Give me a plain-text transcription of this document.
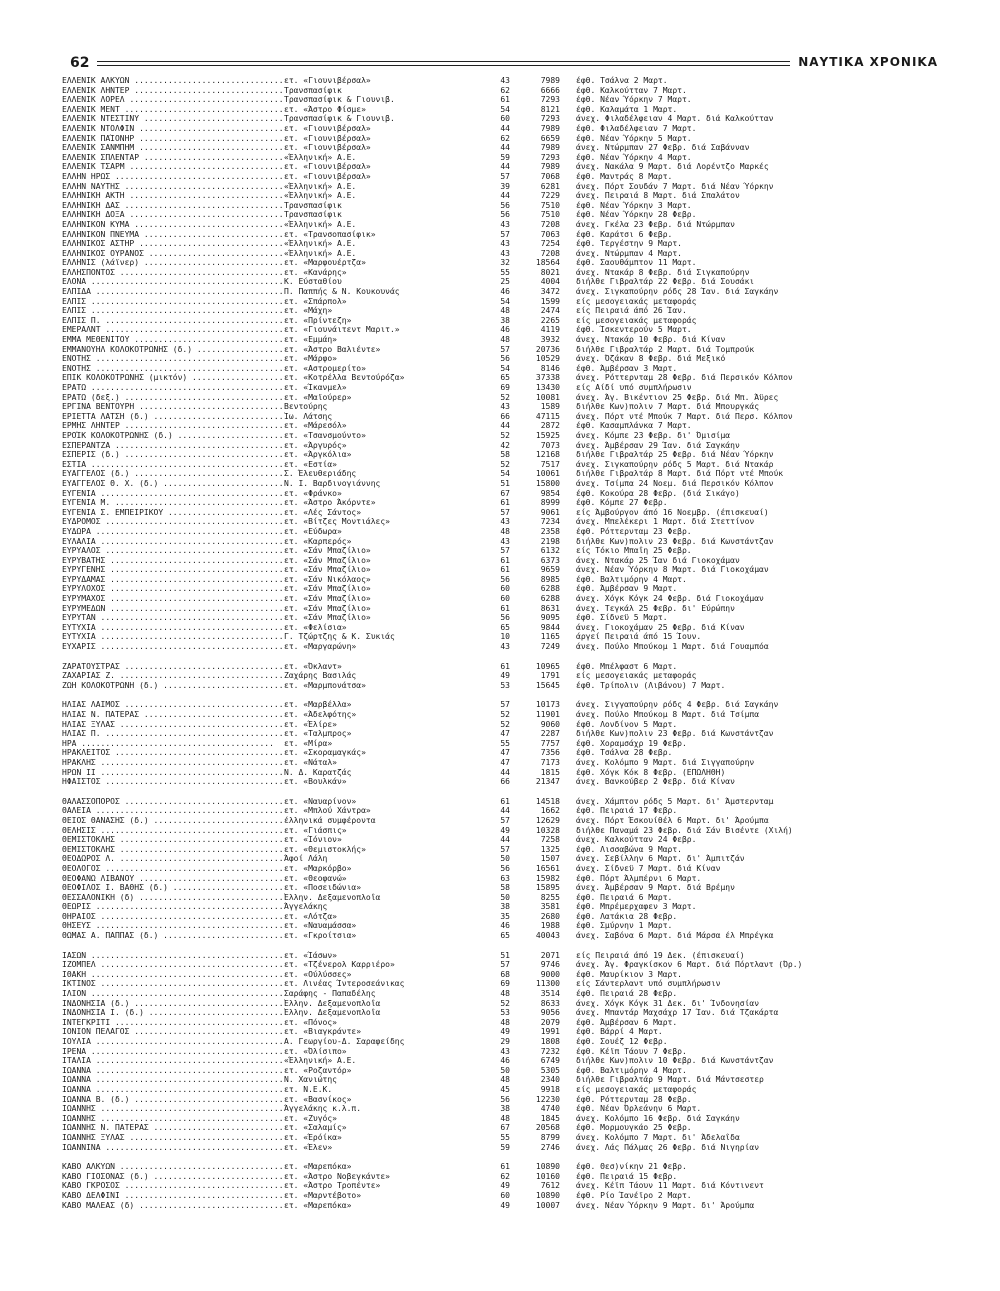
62	ΝΑΥΤΙΚΑ ΧΡΟΝΙΚΑ
ΕΛΛΕΝΙΚ ΑΛΚΥΩΝ .....	ετ. «Γιουνιβέρσαλ»	43	7989 έφθ. Τσάλνα 2 Μαρτ.
ΕΛΛΕΝΙΚ ΛΗΝΤΕΡ .....	Τρανσπασίφικ	62	6666 έφθ. Καλκούτταν 7 Μαρτ.
ΕΛΛΕΝΙΚ ΛΟΡΕΛ .....	Τρανσπασίφικ & Γιουνιβ.	61	7293 έφθ. Νέαν Ύόρκην 7 Μαρτ.
ΕΛΛΕΝΙΚ ΜΕΝΤ .....	ετ. «Άστρο Φίσμε»	54	8121 έφθ. Καλαμάτα 1 Μαρτ.
ΕΛΛΕΝΙΚ ΝΤΕΣΤΙΝΥ .....	Τρανσπασίφικ & Γιουνιβ.	60	7293 άνεχ. Φιλαδέλφειαν 4 Μαρτ. διά Καλκούτταν
ΕΛΛΕΝΙΚ ΝΤΟΛΦΙΝ .....	ετ. «Γιουνιβέρσαλ»	44	7989 έφθ. Φιλαδέλφειαν 7 Μαρτ.
ΕΛΛΕΝΙΚ ΠΑΊΟΝΗΡ .....	ετ. «Γιουνιβέρσαλ»	62	6659 έφθ. Νέαν Ύόρκην 5 Μαρτ.
ΕΛΛΕΝΙΚ ΣΑΝΜΠΗΜ .....	ετ. «Γιουνιβέρσαλ»	44	7989 άνεχ. Ντώρμπαν 27 Φεβρ. διά Σαβάνναν
ΕΛΛΕΝΙΚ ΣΠΛΕΝΤΑΡ .....	«Έλληνική» Α.Ε.	59	7293 έφθ. Νέαν Ύόρκην 4 Μαρτ.
ΕΛΛΕΝΙΚ ΤΣΑΡΜ .....	ετ. «Γιουνιβέρσαλ»	44	7989 άνεχ. Νακάλα 9 Μαρτ. διά Λορέντζο Μαρκές
ΕΛΛΗΝ ΗΡΩΣ .....	ετ. «Γιουνιβέρσαλ»	57	7068 έφθ. Μαντράς 8 Μαρτ.
ΕΛΛΗΝ ΝΑΥΤΗΣ .....	«Έλληνική» Α.Ε.	39	6281 άνεχ. Πόρτ Σουδάν 7 Μαρτ. διά Νέαν Ύόρκην
ΕΛΛΗΝΙΚΗ ΑΚΤΗ .....	«Έλληνική» Α.Ε.	44	7229 άνεχ. Πειραιά 8 Μαρτ. διά Σπαλάτον
ΕΛΛΗΝΙΚΗ ΔΑΣ .....	Τρανσπασίφικ	56	7510 έφθ. Νέαν Ύόρκην 3 Μαρτ.
ΕΛΛΗΝΙΚΗ ΔΟΞΑ .....	Τρανσπασίφικ	56	7510 έφθ. Νέαν Ύόρκην 28 Φεβρ.
ΕΛΛΗΝΙΚΟΝ ΚΥΜΑ .....	«Έλληνική» Α.Ε.	43	7208 άνεχ. Γκέλα 23 Φεβρ. διά Ντώρμπαν
ΕΛΛΗΝΙΚΟΝ ΠΝΕΥΜΑ .....	ετ. «Τρανσοπασίφικ»	57	7063 έφθ. Καράτσι 6 Φεβρ.
ΕΛΛΗΝΙΚΟΣ ΑΣΤΗΡ .....	«Έλληνική» Α.Ε.	43	7254 έφθ. Τεργέστην 9 Μαρτ.
ΕΛΛΗΝΙΚΟΣ ΟΥΡΑΝΟΣ .....	«Έλληνική» Α.Ε.	43	7208 άνεχ. Ντώρμπαν 4 Μαρτ.
ΕΛΛΗΝΙΣ (λάϊνερ) .....	ετ. «Μαρφουέρτζα»	32	18564 έφθ. Σαουθάμπτον 11 Μαρτ.
ΕΛΛΗΣΠΟΝΤΟΣ .....	ετ. «Κανάρης»	55	8021 άνεχ. Ντακάρ 8 Φεβρ. διά Σιγκαπούρην
ΕΛΟΝΑ .....	Κ. Εύσταθίου	25	4004 διήλθε Γιβραλτάρ 22 Φεβρ. διά Σουσάκι
ΕΛΠΙΔΑ .....	Π. Παππής & Ν. Κουκουνάς	46	3472 άνεχ. Σιγκαπούρην ρόδς 28 Ίαν. διά Σαγκάην
ΕΛΠΙΣ .....	ετ. «Σπάρπολ»	54	1599 είς μεσογειακάς μεταφοράς
ΕΛΠΙΣ .....	ετ. «Μάχη»	48	2474 είς Πειραιά άπό 26 Ίαν.
ΕΛΠΙΣ Π. .....	ετ. «Πρίντεζη»	38	2265 είς μεσογειακάς μεταφοράς
ΕΜΕΡΑΛΝΤ .....	ετ. «Γιουνάιτεντ Μαριτ.»	46	4119 έφθ. Ίσκεντερούν 5 Μαρτ.
ΕΜΜΑ ΜΕΘΕΝΙΤΟΥ .....	ετ. «Εμμάη»	48	3932 άνεχ. Ντακάρ 10 Φεβρ. διά Κίναν
ΕΜΜΑΝΟΥΗΛ ΚΟΛΟΚΟΤΡΩΝΗΣ (δ.) .....	ετ. «Άστρο Βαλιέντε»	57	20736 διήλθε Γιβραλτάρ 2 Μαρτ. διά Τομπρούκ
ΕΝΟΤΗΣ .....	ετ. «Μάρφο»	56	10529 άνεχ. Όζάκαν 8 Φεβρ. διά Μεξικό
ΕΝΟΤΗΣ .....	ετ. «Αστρομερίτο»	54	8146 έφθ. Άμβέρσαν 3 Μαρτ.
ΕΠΙΚ ΚΟΛΟΚΟΤΡΩΝΗΣ (μικτόν) .....	ετ. «Κοτρέλλα Βεντούρόζα»	65	37338 άνεχ. Ρόττερνταμ 28 Φεβρ. διά Περσικόν Κόλπον
ΕΡΑΤΩ .....	ετ. «Ίκανμελ»	69	13430 είς Αίδί υπό συμπλήρωσιν
ΕΡΑΤΩ (δεξ.) .....	ετ. «Μαϊούρερ»	52	10081 άνεχ. Άγ. Βικέντιον 25 Φεβρ. διά Μπ. Άϋρες
ΕΡΓΙΝΑ ΒΕΝΤΟΥΡΗ .....	Βεντούρης	43	1589 διήλθε Κων)πολιν 7 Μαρτ. διά Μπουργκάς
ΕΡΙΕΤΤΑ ΛΑΤΣΗ (δ.) .....	Ίω. Λάτσης	66	47115 άνεχ. Πόρτ ντέ Μπούκ 7 Μαρτ. διά Περσ. Κόλπον
ΕΡΜΗΣ ΛΗΝΤΕΡ .....	ετ. «Μάρεσόλ»	44	2872 έφθ. Κασαμπλάνκα 7 Μαρτ.
ΕΡΟΊΚ ΚΟΛΟΚΟΤΡΩΝΗΣ (δ.) .....	ετ. «Τσανσμούντο»	52	15925 άνεχ. Κόμπε 23 Φεβρ. δι' Όμισίμα
ΕΣΠΕΡΑΝΤΖΑ .....	ετ. «Άργυρός»	42	7073 άνεχ. Άμβέρσαν 29 Ίαν. διά Σαγκάην
ΕΣΠΕΡΙΣ (δ.) .....	ετ. «Άργκόλια»	58	12168 διήλθε Γιβραλτάρ 25 Φεβρ. διά Νέαν Ύόρκην
ΕΣΤΙΑ .....	ετ. «Εστία»	52	7517 άνεχ. Σιγκαπούρην ρόδς 5 Μαρτ. διά Ντακάρ
ΕΥΑΓΓΕΛΟΣ (δ.) .....	Σ. Έλευθεριάδης	54	10061 διήλθε Γιβραλτάρ 8 Μαρτ. διά Πόρτ ντέ Μπούκ
ΕΥΑΓΓΕΛΟΣ Θ. Χ. (δ.) .....	Ν. Ι. Βαρδινογιάννης	51	15800 άνεχ. Τσίμπα 24 Νοεμ. διά Περσικόν Κόλπον
ΕΥΓΕΝΙΑ .....	ετ. «Φράνκο»	67	9854 έφθ. Κοκούρα 28 Φεβρ. (διά Σικάγο)
ΕΥΓΕΝΙΑ Μ. .....	ετ. «Άστρο Άκόρντε»	61	8999 έφθ. Κόμπε 27 Φεβρ.
ΕΥΓΕΝΙΑ Σ. ΕΜΠΕΙΡΙΚΟΥ .....	ετ. «Λές Σάντος»	57	9061 είς Άμβούργον άπό 16 Νοεμβρ. (έπισκευαί)
ΕΥΔΡΟΜΟΣ .....	ετ. «Βίτζες Μοντιάλες»	43	7234 άνεχ. Μπελέκερι 1 Μαρτ. διά Στεττίνον
ΕΥΔΩΡΑ .....	ετ. «Εύδωρα»	48	2358 έφθ. Ρόττερνταμ 23 Φεβρ.
ΕΥΛΑΛΙΑ .....	ετ. «Καρπερός»	43	2198 διήλθε Κων)πολιν 23 Φεβρ. διά Κωνστάντζαν
ΕΥΡΥΑΛΟΣ .....	ετ. «Σάν Μπαζίλιο»	57	6132 είς Τόκιο Μπαΐη 25 Φεβρ.
ΕΥΡΥΒΑΤΗΣ .....	ετ. «Σάν Μπαζίλιο»	61	6373 άνεχ. Ντακάρ 25 Ίαν διά Γιοκοχάμαν
ΕΥΡΥΓΕΝΗΣ .....	ετ. «Σάν Μπαζίλιο»	61	9659 άνεχ. Νέαν Ύόρκην 8 Μαρτ. διά Γιοκοχάμαν
ΕΥΡΥΔΑΜΑΣ .....	ετ. «Σάν Νικόλαος»	56	8985 έφθ. Βαλτιμόρην 4 Μαρτ.
ΕΥΡΥΛΟΧΟΣ .....	ετ. «Σάν Μπαζίλιο»	60	6288 έφθ. Άμβέρσαν 9 Μαρτ.
ΕΥΡΥΜΑΧΟΣ .....	ετ. «Σάν Μπαζίλιο»	60	6288 άνεχ. Χόγκ Κόγκ 24 Φεβρ. διά Γιοκοχάμαν
ΕΥΡΥΜΕΔΩΝ .....	ετ. «Σάν Μπαζίλιο»	61	8631 άνεχ. Τεγκάλ 25 Φεβρ. δι' Εύρώπην
ΕΥΡΥΤΑΝ .....	ετ. «Σάν Μπαζίλιο»	56	9095 έφθ. Σίδνεϋ 5 Μαρτ.
ΕΥΤΥΧΙΑ .....	ετ. «Φελίσια»	65	9844 άνεχ. Γιοκοχάμαν 25 Φεβρ. διά Κίναν
ΕΥΤΥΧΙΑ .....	Γ. Τζώρτζης & Κ. Συκιάς	10	1165 άργεί Πειραιά άπό 15 Ίουν.
ΕΥΧΑΡΙΣ .....	ετ. «Μαργαρώνη»	43	7249 άνεχ. Πούλο Μπούκομ 1 Μαρτ. διά Γουαμπόα
ΖΑΡΑΤΟΥΣΤΡΑΣ .....	ετ. «Όκλαντ»	61	10965 έφθ. Μπέλφαστ 6 Μαρτ.
ΖΑΧΑΡΙΑΣ Ζ. .....	Ζαχάρης Βασιλάς	49	1791 είς μεσογειακάς μεταφοράς
ΖΩΗ ΚΟΛΟΚΟΤΡΩΝΗ (δ.) .....	ετ. «Μαρμπονάτσα»	53	15645 έφθ. Τρίπολιν (Λιβάνου) 7 Μαρτ.
ΗΛΙΑΣ ΛΑΙΜΟΣ .....	ετ. «Μαρβέλλα»	57	10173 άνεχ. Σιγγαπούρην ρόδς 4 Φεβρ. διά Σαγκάην
ΗΛΙΑΣ Ν. ΠΑΤΕΡΑΣ .....	ετ. «Άδελφότης»	52	11901 άνεχ. Πούλο Μπούκομ 8 Μαρτ. διά Τσίμπα
ΗΛΙΑΣ ΞΥΛΑΣ .....	ετ. «Έλίρε»	52	9060 έφθ. Λονδίνον 5 Μαρτ.
ΗΛΙΑΣ Π. .....	ετ. «Ταλμπρος»	47	2287 διήλθε Κων)πολιν 23 Φεβρ. διά Κωνστάντζαν
ΗΡΑ .....	ετ. «Μίρα»	55	7757 έφθ. Χοραμσάχρ 19 Φεβρ.
ΗΡΑΚΛΕΙΤΟΣ .....	ετ. «Σκοραμαγκάς»	47	7356 έφθ. Τσάλνα 28 Φεβρ.
ΗΡΑΚΛΗΣ .....	ετ. «Νάταλ»	47	7173 άνεχ. Κολόμπο 9 Μαρτ. διά Σιγγαπούρην
ΗΡΩΝ ΙΙ .....	Ν. Δ. Καρατζάς	44	1815 έφθ. Χόγκ Κόκ 8 Φεβρ. (ΕΠΩΛΗΘΗ)
ΗΦΑΙΣΤΟΣ .....	ετ. «Βουλκάν»	66	21347 άνεχ. Βανκούβερ 2 Φεβρ. διά Κίναν
ΘΑΛΑΣΣΟΠΟΡΟΣ .....	ετ. «Ναυαρίνον»	61	14518 άνεχ. Χάμπτον ρόδς 5 Μαρτ. δι' Άμστερνταμ
ΘΑΛΕΙΑ .....	ετ. «Μπλού Χάντρα»	44	1662 έφθ. Πειραιά 17 Φεβρ.
ΘΕΙΟΣ ΘΑΝΑΣΗΣ (δ.) .....	έλληνικά συμφέροντα	57	12629 άνεχ. Πόρτ Έσκουίθέλ 6 Μαρτ. δι' Άρούμπα
ΘΕΛΗΣΙΣ .....	ετ. «Γιάσπις»	49	10328 διήλθε Παναμά 23 Φεβρ. διά Σάν Βισέντε (Χιλή)
ΘΕΜΙΣΤΟΚΛΗΣ .....	ετ. «Ίόνιον»	44	7258 άνεχ. Καλκούτταν 24 Φεβρ.
ΘΕΜΙΣΤΟΚΛΗΣ .....	ετ. «Θεμιστοκλής»	57	1325 έφθ. Λισσαβώνα 9 Μαρτ.
ΘΕΟΔΩΡΟΣ Λ. .....	Άφοί Λάλη	50	1507 άνεχ. Σεβίλλην 6 Μαρτ. δι' Άμπιτζάν
ΘΕΟΛΟΓΟΣ .....	ετ. «Μαρκόρβο»	56	16561 άνεχ. Σίδνεϋ 7 Μαρτ. διά Κίναν
ΘΕΟΦΑΝΩ ΛΙΒΑΝΟΥ .....	ετ. «Θεοφανώ»	63	15982 έφθ. Πόρτ Άλμπέρνι 6 Μαρτ.
ΘΕΟΦΙΛΟΣ Ι. ΒΑΘΗΣ (δ.) .....	ετ. «Ποσειδώνια»	58	15895 άνεχ. Άμβέρσαν 9 Μαρτ. διά Βρέμην
ΘΕΣΣΑΛΟΝΙΚΗ (δ) .....	Έλλην. Δεξαμενοπλοΐα	50	8255 έφθ. Πειραιά 6 Μαρτ.
ΘΕΩΡΙΣ .....	Άγγελάκης	38	3581 έφθ. Μπρέμερχαφεν 3 Μαρτ.
ΘΗΡΑΙΟΣ .....	ετ. «Λότζα»	35	2680 έφθ. Λατάκια 28 Φεβρ.
ΘΗΣΕΥΣ .....	ετ. «Ναυαμάσσα»	46	1988 έφθ. Σμύρνην 1 Μαρτ.
ΘΩΜΑΣ Α. ΠΑΠΠΑΣ (δ.) .....	ετ. «Γκροίτσια»	65	40043 άνεχ. Σαβόνα 6 Μαρτ. διά Μάρσα έλ Μπρέγκα
ΙΑΣΩΝ .....	ετ. «Ίάσων»	51	2071 είς Πειραιά άπό 19 Δεκ. (έπισκευαί)
ΙΖΟΜΠΕΛ .....	ετ. «Τζένερολ Καρριέρο»	57	9746 άνεχ. Άγ. Φραγκίσκον 6 Μαρτ. διά Πόρτλαντ (Όρ.)
ΙΘΑΚΗ .....	ετ. «Ούλύσσες»	68	9000 έφθ. Μαυρίκιον 3 Μαρτ.
ΙΚΤΙΝΟΣ .....	ετ. Λινέας Ίντεροσεάνικας	69	11300 είς Σάντερλαντ υπό συμπλήρωσιν
ΙΛΙΟΝ .....	Σαράφης - Παπαδέλης	48	3514 έφθ. Πειραιά 28 Φεβρ.
ΙΝΔΟΝΗΣΙΑ (δ.) .....	Έλλην. Δεξαμενοπλοΐα	52	8633 άνεχ. Χόγκ Κόγκ 31 Δεκ. δι' Ίνδονησίαν
ΙΝΔΟΝΗΣΙΑ Ι. (δ.) .....	Έλλην. Δεξαμενοπλοΐα	53	9056 άνεχ. Μπαντάρ Μαχσάχρ 17 Ίαν. διά Τζακάρτα
ΙΝΤΕΓΚΡΙΤΙ .....	ετ. «Πόνος»	48	2079 έφθ. Άμβέρσαν 6 Μαρτ.
ΙΟΝΙΟΝ ΠΕΛΑΓΟΣ .....	ετ. «Βιαγκράντε»	49	1991 έφθ. Βάρρί 4 Μαρτ.
ΙΟΥΛΙΑ .....	Α. Γεωργίου-Δ. Σαραφείδης	29	1808 έφθ. Σουέζ 12 Φεβρ.
ΙΡΕΝΑ .....	ετ. «Όλίσιπο»	43	7232 έφθ. Κέϊπ Τάουν 7 Φεβρ.
ΙΤΑΛΙΑ .....	«Έλληνική» Α.Ε.	46	6749 διήλθε Κων)πολιν 10 Φεβρ. διά Κωνστάντζαν
ΙΩΑΝΝΑ .....	ετ. «Ροζαντόρ»	50	5305 έφθ. Βαλτιμόρην 4 Μαρτ.
ΙΩΑΝΝΑ .....	Ν. Χανιώτης	48	2340 διήλθε Γιβραλτάρ 9 Μαρτ. διά Μάντσεστερ
ΙΩΑΝΝΑ .....	ετ. Ν.Ε.Κ.	45	9918 είς μεσογειακάς μεταφοράς
ΙΩΑΝΝΑ Β. (δ.) .....	ετ. «Βασνίκος»	56	12230 έφθ. Ρόττερνταμ 28 Φεβρ.
ΙΩΑΝΝΗΣ .....	Άγγελάκης κ.λ.π.	38	4740 έφθ. Νέαν Όρλεάνην 6 Μαρτ.
ΙΩΑΝΝΗΣ .....	ετ. «Ζυγός»	48	1845 άνεχ. Κολόμπο 16 Φεβρ. διά Σαγκάην
ΙΩΑΝΝΗΣ Ν. ΠΑΤΕΡΑΣ .....	ετ. «Σαλαμίς»	67	20568 έφθ. Μορμουγκάο 25 Φεβρ.
ΙΩΑΝΝΗΣ ΞΥΛΑΣ .....	ετ. «Έρόίκα»	55	8799 άνεχ. Κολόμπο 7 Μαρτ. δι' Άδελαΐδα
ΙΩΑΝΝΙΝΑ .....	ετ. «Έλεν»	59	2746 άνεχ. Λάς Πάλμας 26 Φεβρ. διά Νιγηρίαν
ΚΑΒΟ ΑΛΚΥΩΝ .....	ετ. «Μαρεπόκα»	61	10890 έφθ. Θεσ)νίκην 21 Φεβρ.
ΚΑΒΟ ΓΙΟΣΟΝΑΣ (δ.) .....	ετ. «Άστρο Νοβεγκάντε»	62	10160 έφθ. Πειραιά 15 Φεβρ.
ΚΑΒΟ ΓΚΡΟΣΟΣ .....	ετ. «Άστρο Τροπέντε»	49	7612 άνεχ. Κέϊπ Τάουν 11 Μαρτ. διά Κόντινεντ
ΚΑΒΟ ΔΕΛΦΙΝΙ .....	ετ. «Μαρντέβοτο»	60	10890 έφθ. Ρίο Ίανέϊρο 2 Μαρτ.
ΚΑΒΟ ΜΑΛΕΑΣ (δ) .....	ετ. «Μαρεπόκα»	49	10007 άνεχ. Νέαν Ύόρκην 9 Μαρτ. δι' Άρούμπα
